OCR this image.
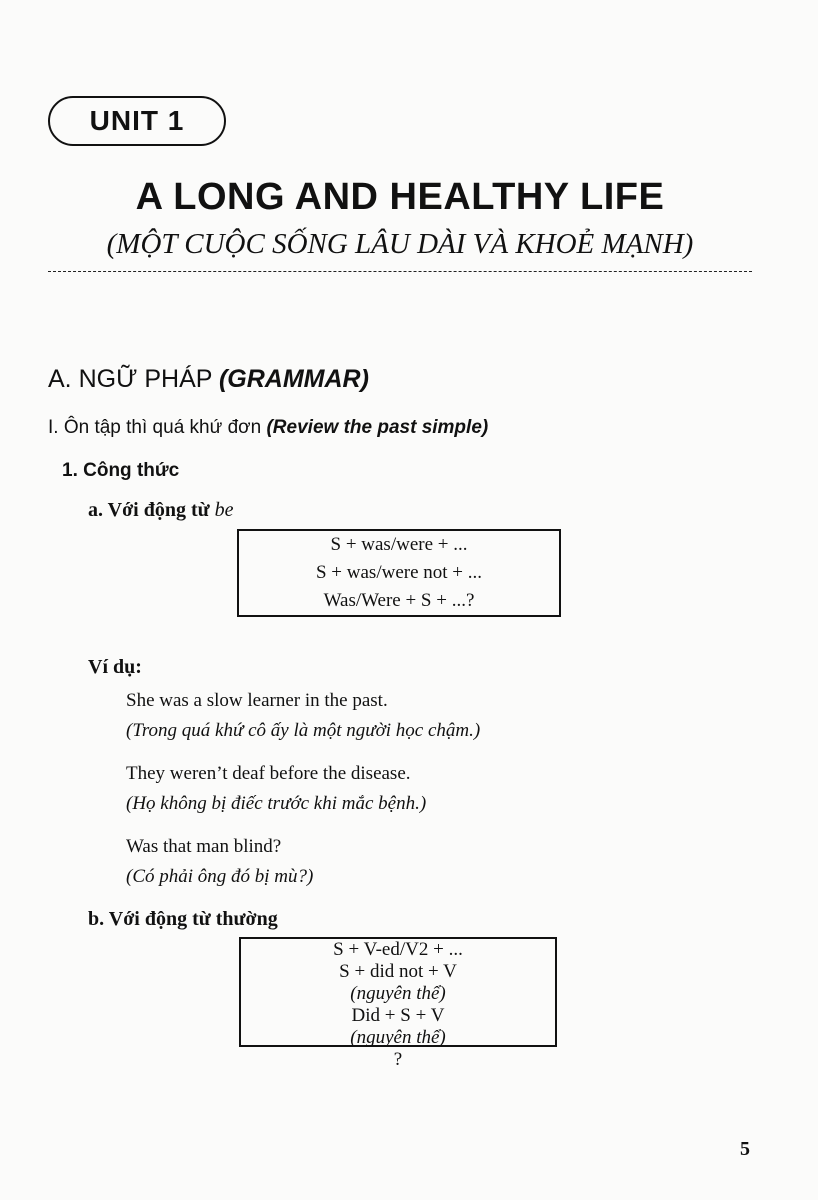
UNIT 1
A LONG AND HEALTHY LIFE
(MỘT CUỘC SỐNG LÂU DÀI VÀ KHOẺ MẠNH)
A. NGỮ PHÁP (GRAMMAR)
I. Ôn tập thì quá khứ đơn (Review the past simple)
1. Công thức
a. Với động từ be
S + was/were + ...
S + was/were not + ...
Was/Were + S + ...?
Ví dụ:
She was a slow learner in the past.
(Trong quá khứ cô ấy là một người học chậm.)
They weren’t deaf before the disease.
(Họ không bị điếc trước khi mắc bệnh.)
Was that man blind?
(Có phải ông đó bị mù?)
b. Với động từ thường
S + V-ed/V2 + ...
S + did not + V
(nguyên thể)
Did + S + V
(nguyên thể)
?
5
